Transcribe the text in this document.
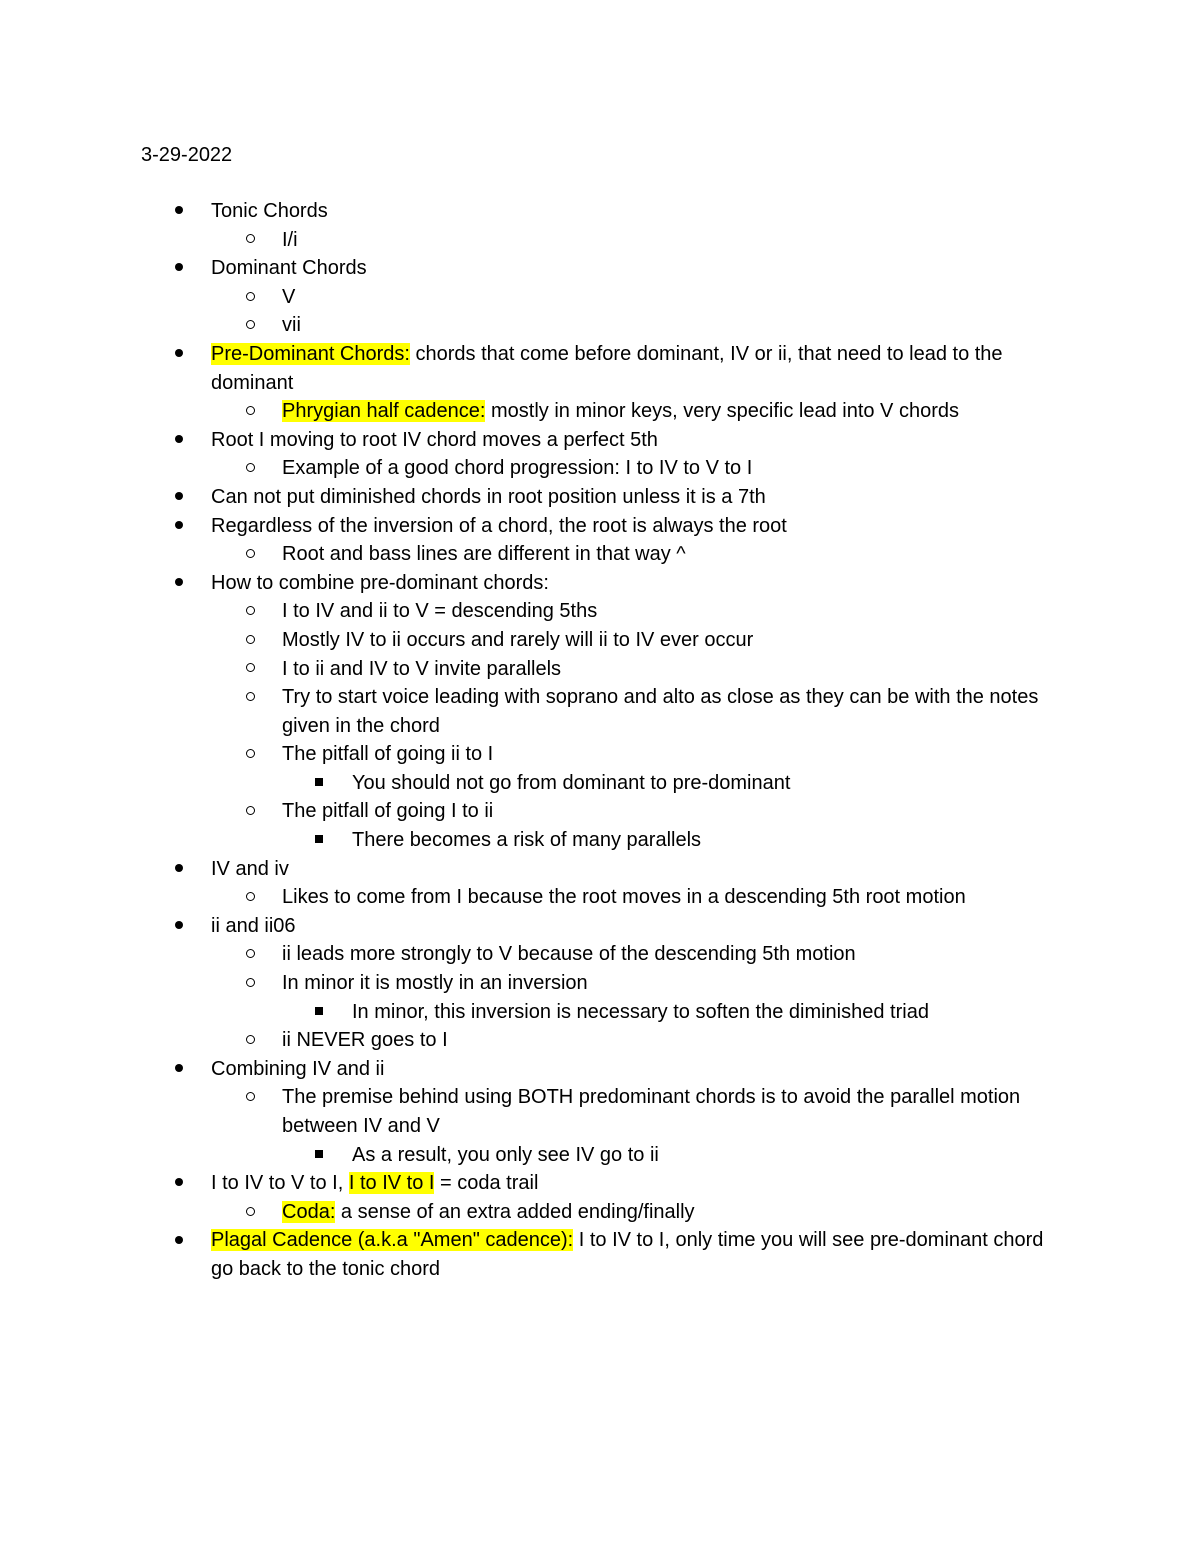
3-29-2022
Tonic Chords
I/i
Dominant Chords
V
vii
Pre-Dominant Chords: chords that come before dominant, IV or ii, that need to lead to the dominant
Phrygian half cadence: mostly in minor keys, very specific lead into V chords
Root I moving to root IV chord moves a perfect 5th
Example of a good chord progression: I to IV to V to I
Can not put diminished chords in root position unless it is a 7th
Regardless of the inversion of a chord, the root is always the root
Root and bass lines are different in that way ^
How to combine pre-dominant chords:
I to IV and ii to V = descending 5ths
Mostly IV to ii occurs and rarely will ii to IV ever occur
I to ii and IV to V invite parallels
Try to start voice leading with soprano and alto as close as they can be with the notes given in the chord
The pitfall of going ii to I
You should not go from dominant to pre-dominant
The pitfall of going I to ii
There becomes a risk of many parallels
IV and iv
Likes to come from I because the root moves in a descending 5th root motion
ii and ii06
ii leads more strongly to V because of the descending 5th motion
In minor it is mostly in an inversion
In minor, this inversion is necessary to soften the diminished triad
ii NEVER goes to I
Combining IV and ii
The premise behind using BOTH predominant chords is to avoid the parallel motion between IV and V
As a result, you only see IV go to ii
I to IV to V to I, I to IV to I = coda trail
Coda: a sense of an extra added ending/finally
Plagal Cadence (a.k.a "Amen" cadence): I to IV to I, only time you will see pre-dominant chord go back to the tonic chord
